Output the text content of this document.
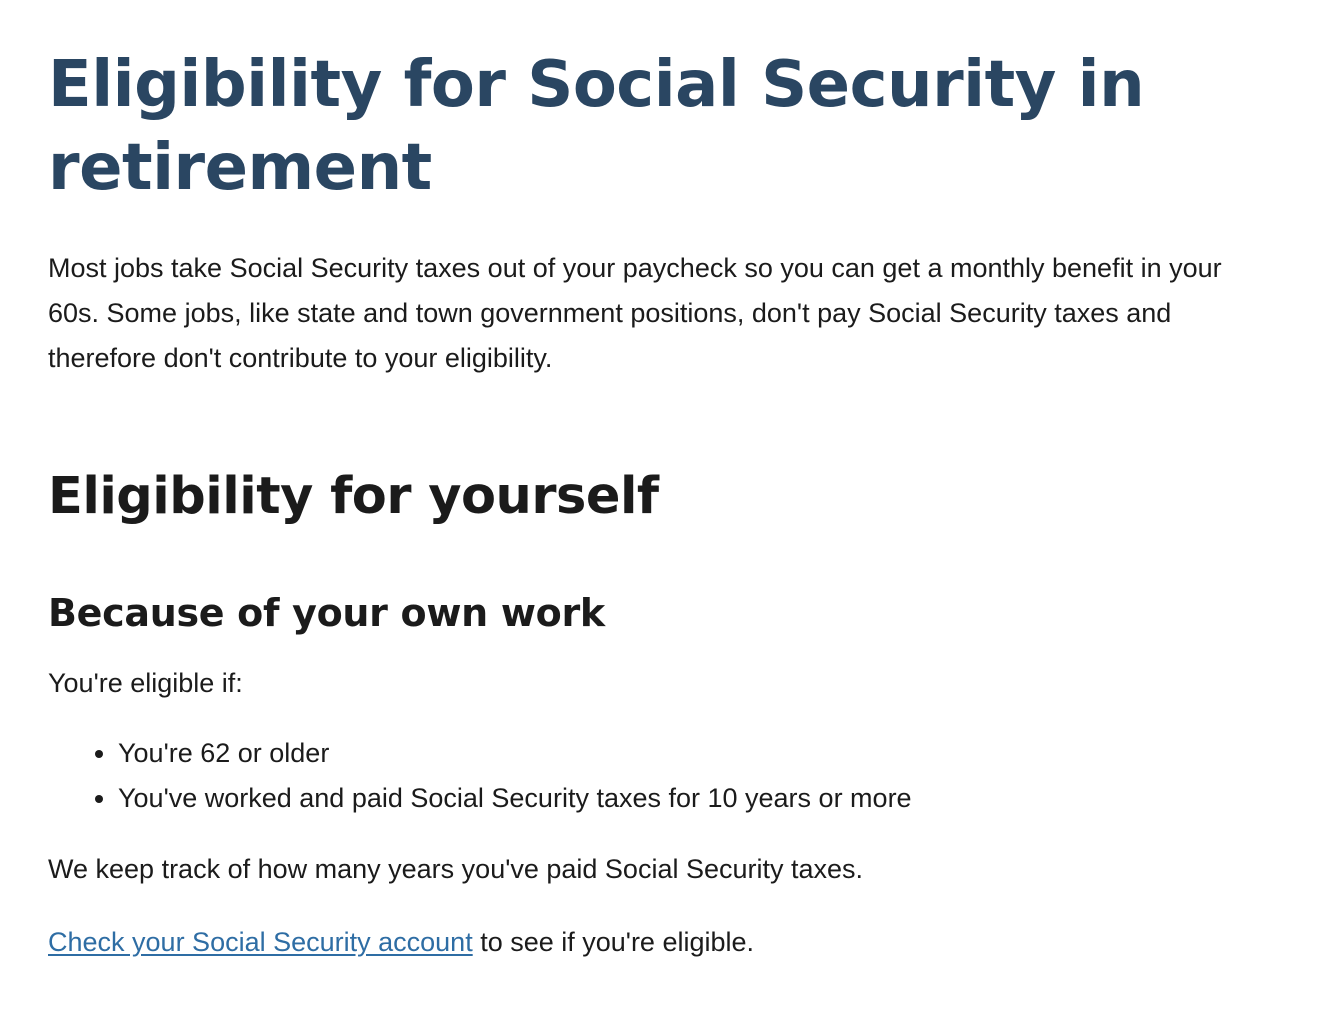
Eligibility for Social Security in retirement

Most jobs take Social Security taxes out of your paycheck so you can get a monthly benefit in your 60s. Some jobs, like state and town government positions, don't pay Social Security taxes and therefore don't contribute to your eligibility.

Eligibility for yourself
Because of your own work

You're eligible if:

• You're 62 or older
• You've worked and paid Social Security taxes for 10 years or more

We keep track of how many years you've paid Social Security taxes.

Check your Social Security account to see if you're eligible.
